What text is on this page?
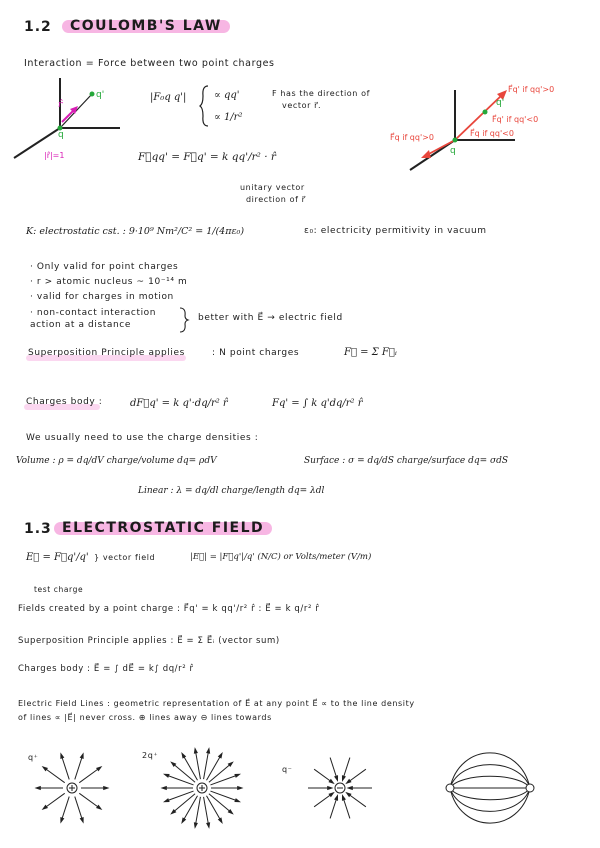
1.2	COULOMB'S LAW
Interaction = Force between two point charges
r̂
q
q'
|r̂|=1
|F₀q q'|	∝ qq'
∝ 1/r²
F has the direction of
vector r⃗.
F⃗qq' = F⃗q' = k qq'/r² · r̂
unitary vector
direction of r⃗
F⃗q' if qq'>0
F⃗q' if qq'<0
F⃗q if qq'>0	F⃗q if qq'<0
q
q'
K: electrostatic cst. : 9·10⁹ Nm²/C² = 1/(4πε₀)	ε₀: electricity permitivity in vacuum
· Only valid for point charges
· r > atomic nucleus ~ 10⁻¹⁴ m
· valid for charges in motion
· non-contact interaction
action at a distance
better with E⃗ → electric field
Superposition Principle applies	: N point charges	F⃗ = Σ F⃗ᵢ
Charges body :	dF⃗q' = k q'·dq/r² r̂	Fq' = ∫ k q'dq/r² r̂
We usually need to use the charge densities :
Volume : ρ = dq/dV charge/volume dq= ρdV	Surface : σ = dq/dS charge/surface dq= σdS
Linear : λ = dq/dl charge/length dq= λdl
1.3 ELECTROSTATIC FIELD
E⃗ = F⃗q'/q' } vector field
test charge
|E⃗| = |F⃗q'|/q' (N/C) or Volts/meter (V/m)
Fields created by a point charge : F⃗q' = k qq'/r² r̂ : E⃗ = k q/r² r̂
Superposition Principle applies : E⃗ = Σ E⃗ᵢ (vector sum)
Charges body : E⃗ = ∫ dE⃗ = k∫ dq/r² r̂
Electric Field Lines : geometric representation of E⃗ at any point E⃗ ∝ to the line density
of lines ∝ |E⃗| never cross. ⊕ lines away ⊖ lines towards
q⁺	2q⁺
q⁻
